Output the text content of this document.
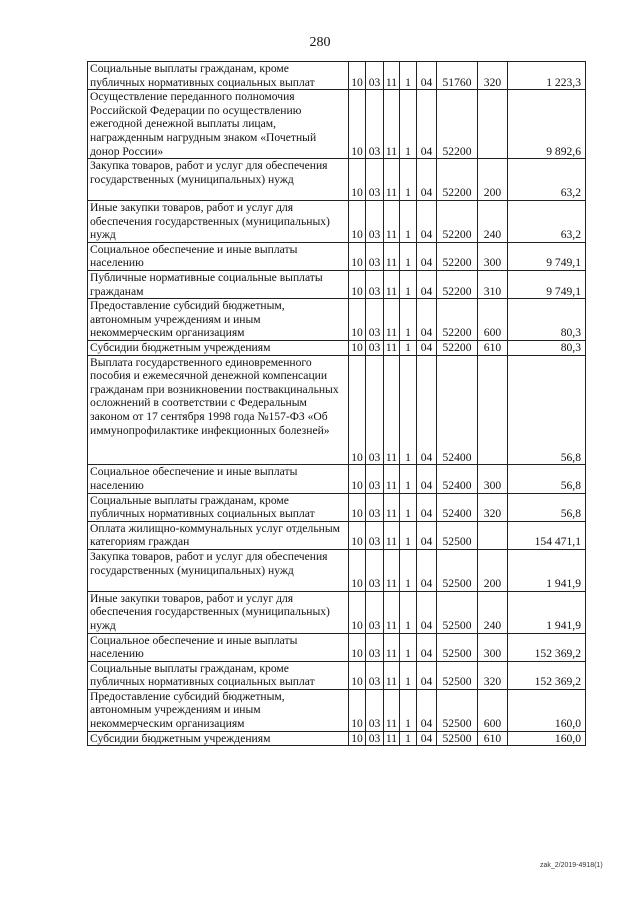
280
Социальные выплаты гражданам, кроме публичных нормативных социальных выплат	10	03	11	1	04	51760	320	1 223,3
Осуществление переданного полномочия Российской Федерации по осуществлению ежегодной денежной выплаты лицам, награжденным нагрудным знаком «Почетный донор России»	10	03	11	1	04	52200		9 892,6
Закупка товаров, работ и услуг для обеспечения государственных (муниципальных) нужд	10	03	11	1	04	52200	200	63,2
Иные закупки товаров, работ и услуг для обеспечения государственных (муниципальных) нужд	10	03	11	1	04	52200	240	63,2
Социальное обеспечение и иные выплаты населению	10	03	11	1	04	52200	300	9 749,1
Публичные нормативные социальные выплаты гражданам	10	03	11	1	04	52200	310	9 749,1
Предоставление субсидий бюджетным, автономным учреждениям и иным некоммерческим организациям	10	03	11	1	04	52200	600	80,3
Субсидии бюджетным учреждениям	10	03	11	1	04	52200	610	80,3
Выплата государственного единовременного пособия и ежемесячной денежной компенсации гражданам при возникновении поствакцинальных осложнений в соответствии с Федеральным законом от 17 сентября 1998 года №157-ФЗ «Об иммунопрофилактике инфекционных болезней»	10	03	11	1	04	52400		56,8
Социальное обеспечение и иные выплаты населению	10	03	11	1	04	52400	300	56,8
Социальные выплаты гражданам, кроме публичных нормативных социальных выплат	10	03	11	1	04	52400	320	56,8
Оплата жилищно-коммунальных услуг отдельным категориям граждан	10	03	11	1	04	52500		154 471,1
Закупка товаров, работ и услуг для обеспечения государственных (муниципальных) нужд	10	03	11	1	04	52500	200	1 941,9
Иные закупки товаров, работ и услуг для обеспечения государственных (муниципальных) нужд	10	03	11	1	04	52500	240	1 941,9
Социальное обеспечение и иные выплаты населению	10	03	11	1	04	52500	300	152 369,2
Социальные выплаты гражданам, кроме публичных нормативных социальных выплат	10	03	11	1	04	52500	320	152 369,2
Предоставление субсидий бюджетным, автономным учреждениям и иным некоммерческим организациям	10	03	11	1	04	52500	600	160,0
Субсидии бюджетным учреждениям	10	03	11	1	04	52500	610	160,0
zak_2/2019-4918(1)
